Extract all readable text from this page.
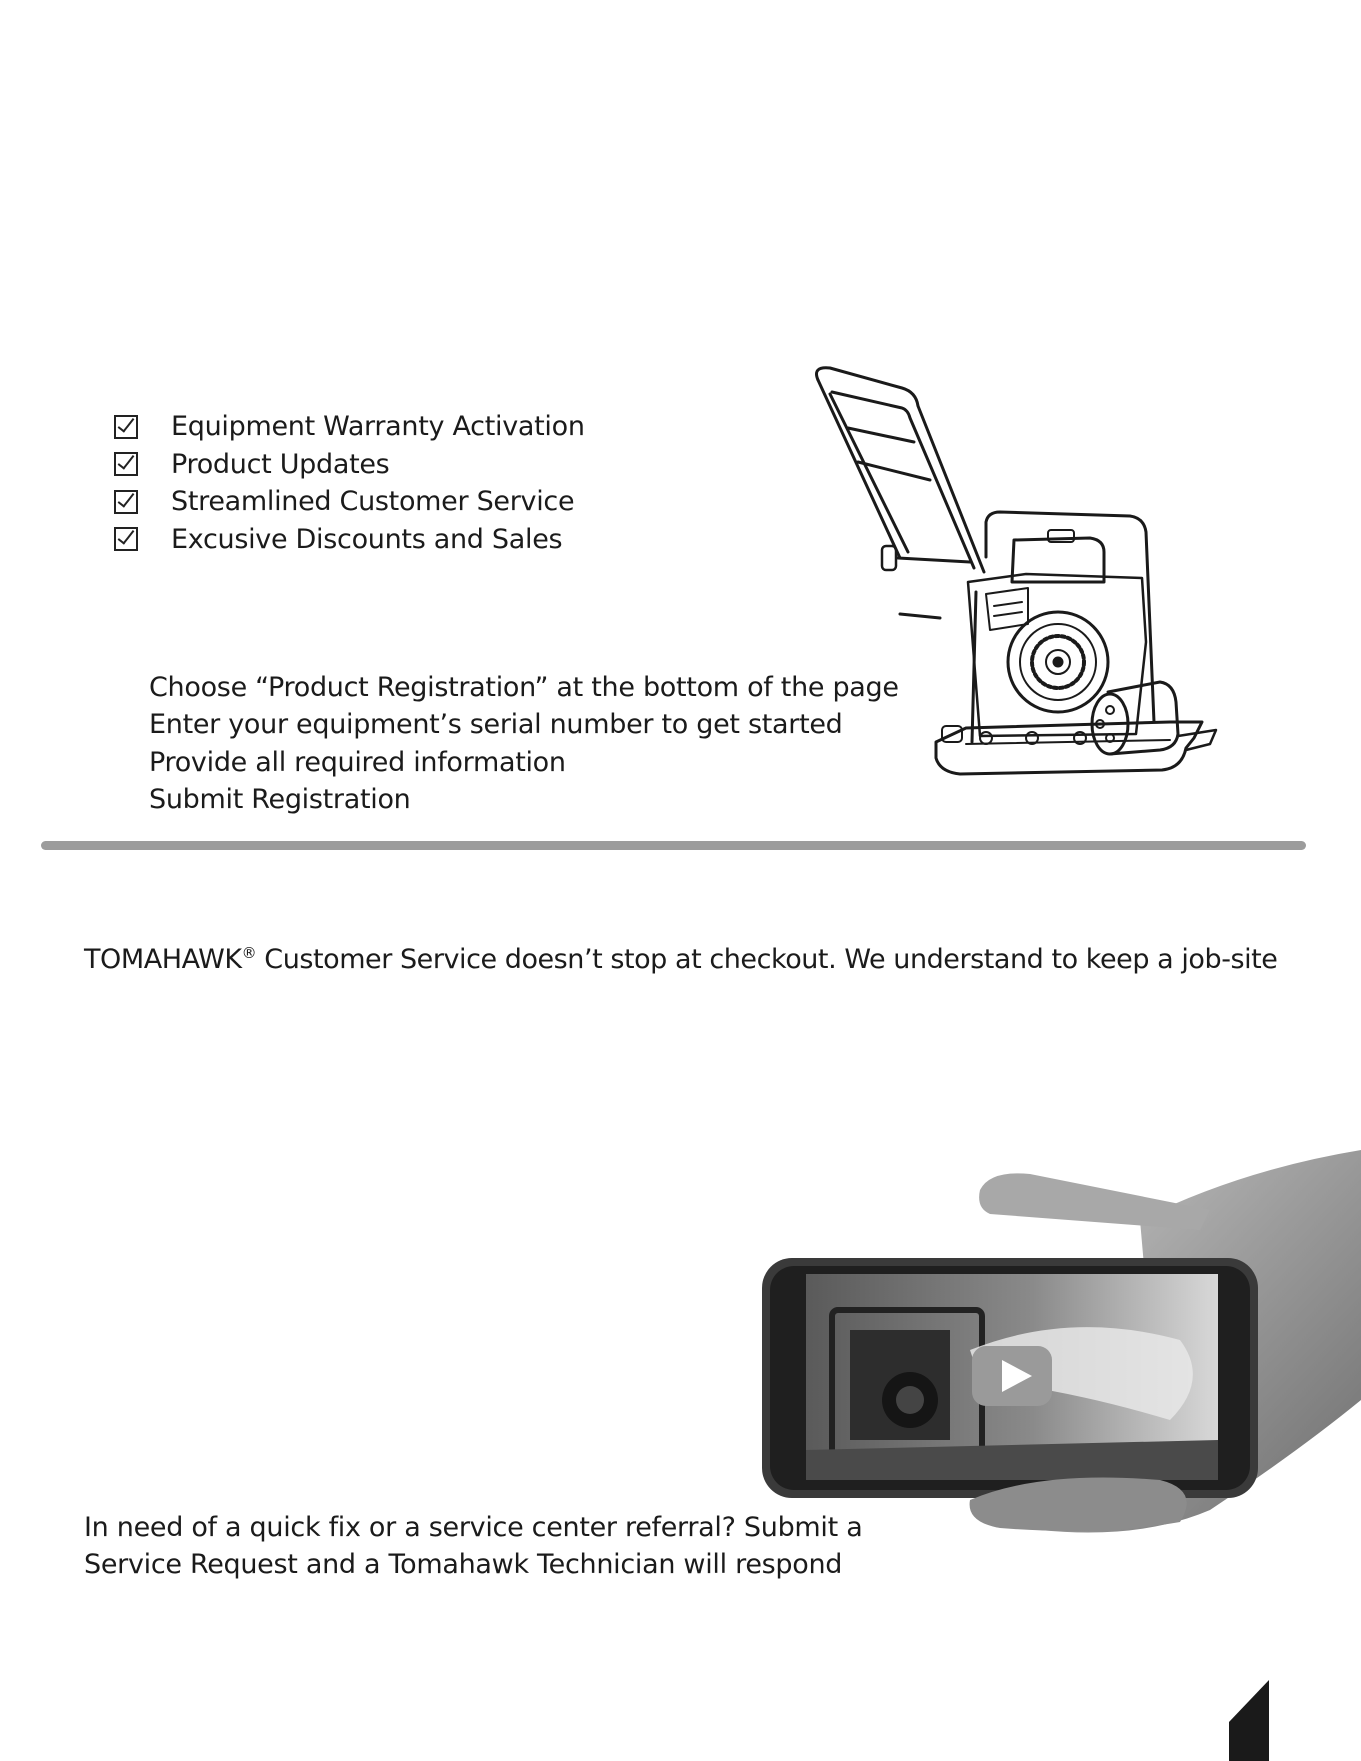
Equipment Warranty Activation
Product Updates
Streamlined Customer Service
Excusive Discounts and Sales
Choose “Product Registration” at the bottom of the page
Enter your equipment’s serial number to get started
Provide all required information
Submit Registration
TOMAHAWK® Customer Service doesn’t stop at checkout. We understand to keep a job-site
In need of a quick fix or a service center referral? Submit a
Service Request and a Tomahawk Technician will respond
